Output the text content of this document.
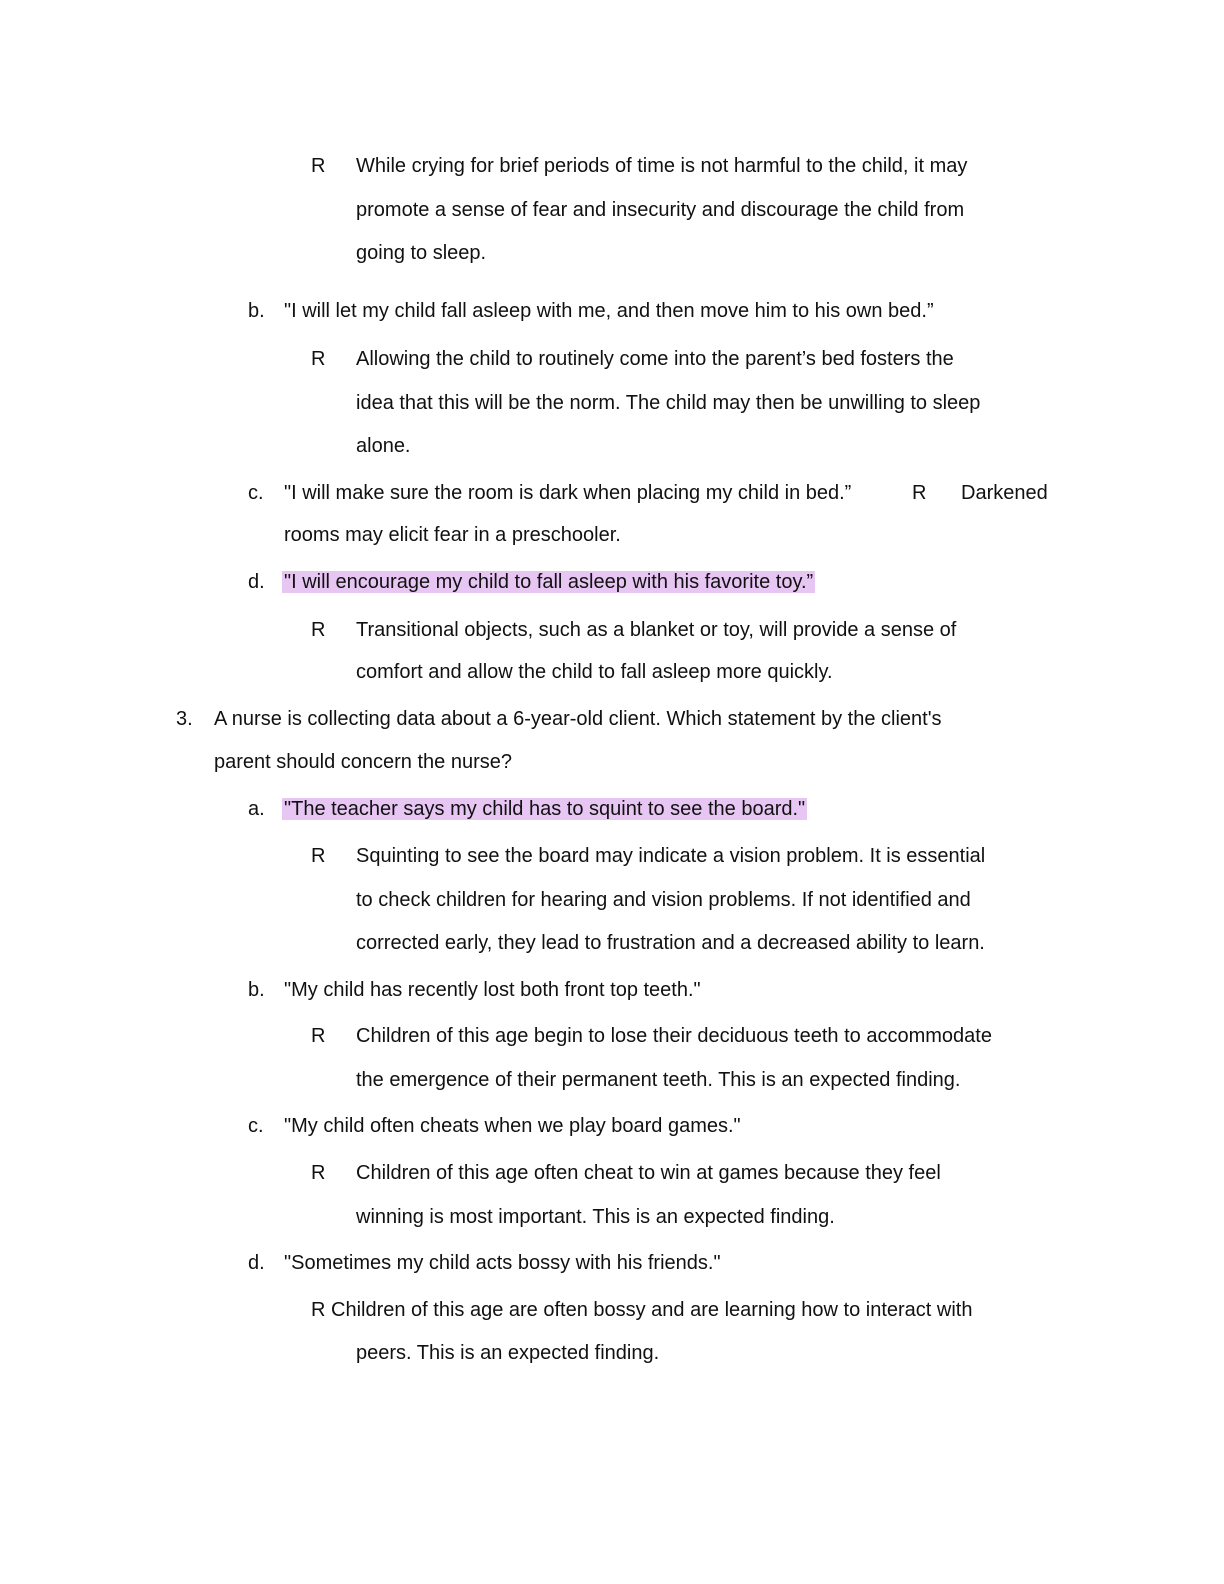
R While crying for brief periods of time is not harmful to the child, it may
promote a sense of fear and insecurity and discourage the child from
going to sleep.
b. "I will let my child fall asleep with me, and then move him to his own bed.”
R Allowing the child to routinely come into the parent’s bed fosters the
idea that this will be the norm. The child may then be unwilling to sleep
alone.
c. "I will make sure the room is dark when placing my child in bed.”	R Darkened
rooms may elicit fear in a preschooler.
d. "I will encourage my child to fall asleep with his favorite toy.”
R Transitional objects, such as a blanket or toy, will provide a sense of
comfort and allow the child to fall asleep more quickly.
3. A nurse is collecting data about a 6-year-old client. Which statement by the client's
parent should concern the nurse?
a. "The teacher says my child has to squint to see the board."
R Squinting to see the board may indicate a vision problem. It is essential
to check children for hearing and vision problems. If not identified and
corrected early, they lead to frustration and a decreased ability to learn.
b. "My child has recently lost both front top teeth."
R Children of this age begin to lose their deciduous teeth to accommodate
the emergence of their permanent teeth. This is an expected finding.
c. "My child often cheats when we play board games."
R Children of this age often cheat to win at games because they feel
winning is most important. This is an expected finding.
d. "Sometimes my child acts bossy with his friends."
R Children of this age are often bossy and are learning how to interact with
peers. This is an expected finding.
